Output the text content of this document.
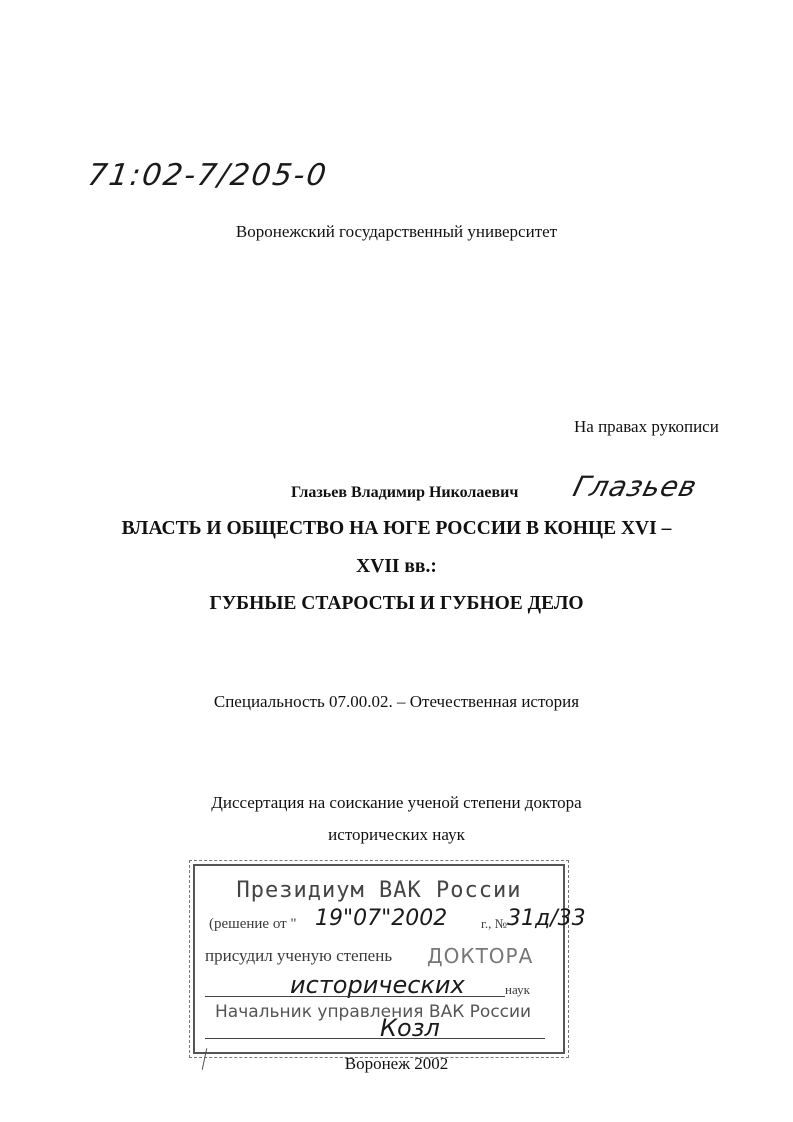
71:02-7/205-0
Воронежский государственный университет
На правах рукописи
Глазьев Владимир Николаевич Глазьев
ВЛАСТЬ И ОБЩЕСТВО НА ЮГЕ РОССИИ В КОНЦЕ XVI –
XVII вв.:
ГУБНЫЕ СТАРОСТЫ И ГУБНОЕ ДЕЛО
Специальность 07.00.02. – Отечественная история
Диссертация на соискание ученой степени доктора
исторических наук
Президиум ВАК России
(решение от " 19"07"2002	г., № 31д/33
присудил ученую степень ДОКТОРА
исторических	наук
Начальник управления ВАК России
Козл
Воронеж 2002
